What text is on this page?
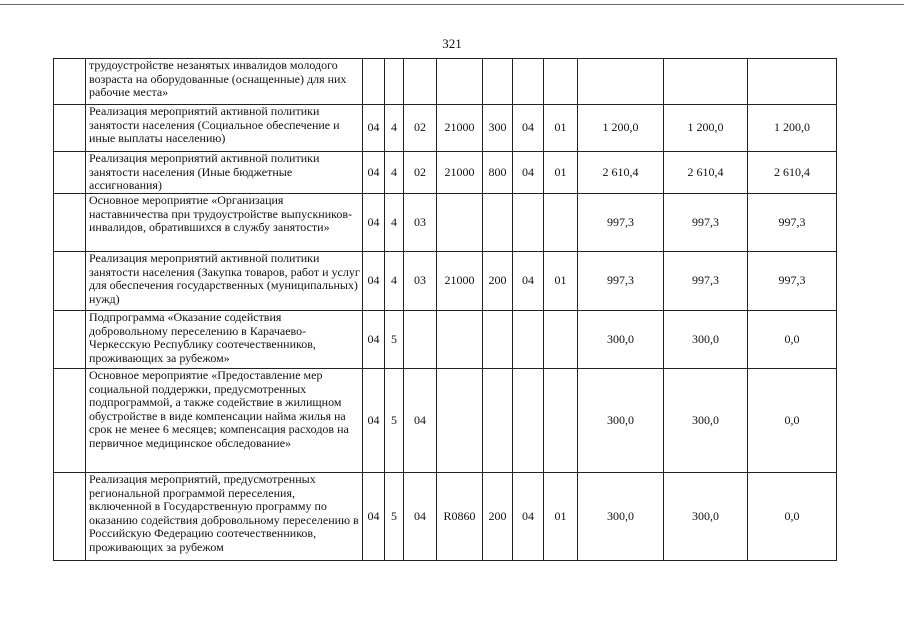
321
	трудоустройстве незанятых инвалидов молодого возраста на оборудованные (оснащенные) для них рабочие места»										
	Реализация мероприятий активной политики занятости населения (Социальное обеспечение и иные выплаты населению)	04	4	02	21000	300	04	01	1 200,0	1 200,0	1 200,0
	Реализация мероприятий активной политики занятости населения (Иные бюджетные ассигнования)	04	4	02	21000	800	04	01	2 610,4	2 610,4	2 610,4
	Основное мероприятие «Организация наставничества при трудоустройстве выпускников-инвалидов, обратившихся в службу занятости»	04	4	03					997,3	997,3	997,3
	Реализация мероприятий активной политики занятости населения (Закупка товаров, работ и услуг для обеспечения государственных (муниципальных) нужд)	04	4	03	21000	200	04	01	997,3	997,3	997,3
	Подпрограмма «Оказание содействия добровольному переселению в Карачаево-Черкесскую Республику соотечественников, проживающих за рубежом»	04	5						300,0	300,0	0,0
	Основное мероприятие «Предоставление мер социальной поддержки, предусмотренных подпрограммой, а также содействие в жилищном обустройстве в виде компенсации найма жилья на срок не менее 6 месяцев; компенсация расходов на первичное медицинское обследование»	04	5	04					300,0	300,0	0,0
	Реализация мероприятий, предусмотренных региональной программой переселения, включенной в Государственную программу по оказанию содействия добровольному переселению в Российскую Федерацию соотечественников, проживающих за рубежом	04	5	04	R0860	200	04	01	300,0	300,0	0,0
